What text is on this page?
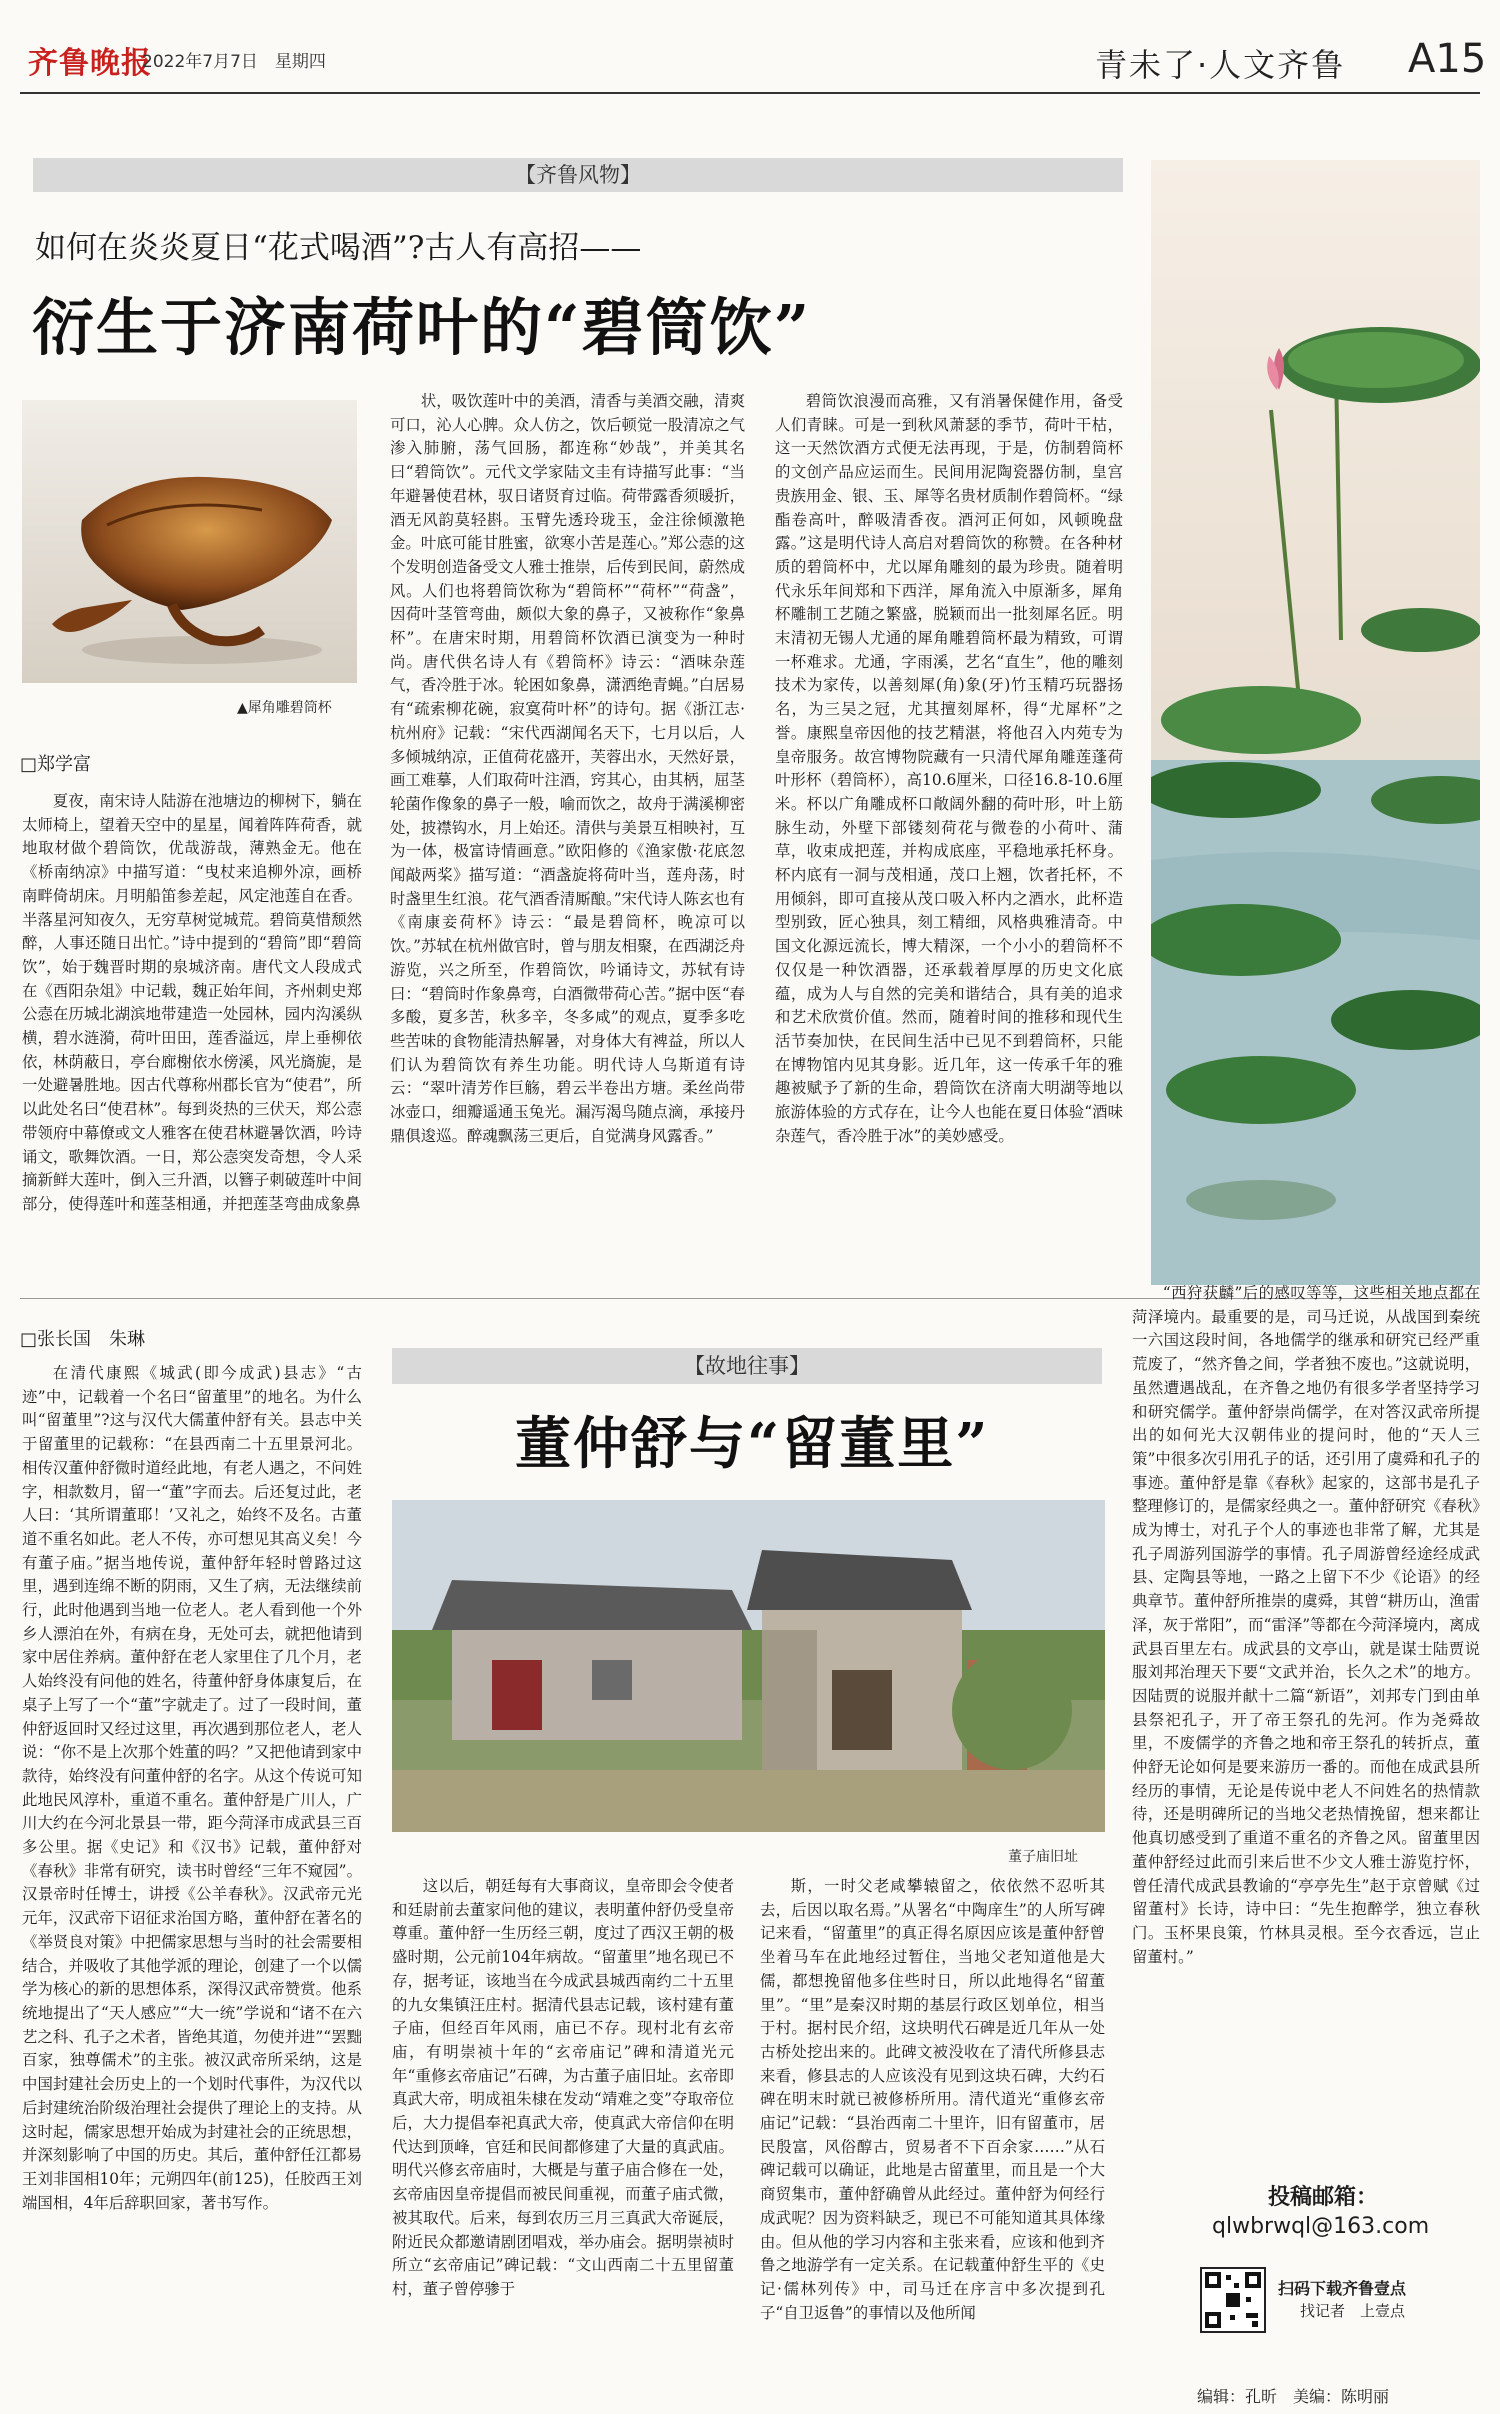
齐鲁晚报
2022年7月7日　星期四	青未了·人文齐鲁 A15
【齐鲁风物】
如何在炎炎夏日“花式喝酒”?古人有高招——
衍生于济南荷叶的“碧筒饮”
▲犀角雕碧筒杯
□郑学富

夏夜，南宋诗人陆游在池塘边的柳树下，躺在太师椅上，望着天空中的星星，闻着阵阵荷香，就地取材做个碧筒饮，优哉游哉，薄熟金无。他在《桥南纳凉》中描写道：“曳杖来追柳外凉，画桥南畔倚胡床。月明船笛参差起，风定池莲自在香。半落星河知夜久，无穷草树觉城荒。碧筒莫惜颓然醉，人事还随日出忙。”诗中提到的“碧筒”即“碧筒饮”，始于魏晋时期的泉城济南。唐代文人段成式在《酉阳杂俎》中记载，魏正始年间，齐州刺史郑公悫在历城北湖滨地带建造一处园林，园内沟溪纵横，碧水涟漪，荷叶田田，莲香溢远，岸上垂柳依依，林荫蔽日，亭台廊榭依水傍溪，风光旖旎，是一处避暑胜地。因古代尊称州郡长官为“使君”，所以此处名曰“使君林”。每到炎热的三伏天，郑公悫带领府中幕僚或文人雅客在使君林避暑饮酒，吟诗诵文，歌舞饮酒。一日，郑公悫突发奇想，令人采摘新鲜大莲叶，倒入三升酒，以簪子刺破莲叶中间部分，使得莲叶和莲茎相通，并把莲茎弯曲成象鼻

状，吸饮莲叶中的美酒，清香与美酒交融，清爽可口，沁人心脾。众人仿之，饮后顿觉一股清凉之气渗入肺腑，荡气回肠，都连称“妙哉”，并美其名曰“碧筒饮”。元代文学家陆文圭有诗描写此事：“当年避暑使君林，驭日诸贤育过临。荷带露香须暖折，酒无风韵莫轻斟。玉臂先透玲珑玉，金注徐倾激艳金。叶底可能甘胜蜜，欲寒小苦是莲心。”郑公悫的这个发明创造备受文人雅士推崇，后传到民间，蔚然成风。人们也将碧筒饮称为“碧筒杯”“荷杯”“荷盏”，因荷叶茎管弯曲，颇似大象的鼻子，又被称作“象鼻杯”。在唐宋时期，用碧筒杯饮酒已演变为一种时尚。唐代供名诗人有《碧筒杯》诗云：“酒味杂莲气，香冷胜于冰。轮困如象鼻，潇洒绝青蝇。”白居易有“疏索柳花碗，寂寞荷叶杯”的诗句。据《浙江志·杭州府》记载：“宋代西湖闻名天下，七月以后，人多倾城纳凉，正值荷花盛开，芙蓉出水，天然好景，画工难摹，人们取荷叶注酒，窍其心，由其柄，屈茎轮菌作像象的鼻子一般，喻而饮之，故舟于满溪柳密处，披襟钩水，月上始还。清供与美景互相映衬，互为一体，极富诗情画意。”欧阳修的《渔家傲·花底忽闻敲两桨》描写道：“酒盏旋将荷叶当，莲舟荡，时时盏里生红浪。花气酒香清厮酿。”宋代诗人陈玄也有《南康妾荷杯》诗云：“最是碧筒杯，晚凉可以饮。”苏轼在杭州做官时，曾与朋友相聚，在西湖泛舟游览，兴之所至，作碧筒饮，吟诵诗文，苏轼有诗曰：“碧筒时作象鼻弯，白酒微带荷心苦。”据中医“春多酸，夏多苦，秋多辛，冬多咸”的观点，夏季多吃些苦味的食物能清热解暑，对身体大有裨益，所以人们认为碧筒饮有养生功能。明代诗人乌斯道有诗云：“翠叶清芳作巨觞，碧云半卷出方塘。柔丝尚带冰壶口，细瓣遥通玉兔光。漏泻渴鸟随点滴，承接丹鼎俱逡巡。醉魂飘荡三更后，自觉满身风露香。”

碧筒饮浪漫而高雅，又有消暑保健作用，备受人们青睐。可是一到秋风萧瑟的季节，荷叶干枯，这一天然饮酒方式便无法再现，于是，仿制碧筒杯的文创产品应运而生。民间用泥陶瓷器仿制，皇宫贵族用金、银、玉、犀等名贵材质制作碧筒杯。“绿酯卷高叶，醉吸清香夜。酒河正何如，风顿晚盘露。”这是明代诗人高启对碧筒饮的称赞。在各种材质的碧筒杯中，尤以犀角雕刻的最为珍贵。随着明代永乐年间郑和下西洋，犀角流入中原渐多，犀角杯雕制工艺随之繁盛，脱颖而出一批刻犀名匠。明末清初无锡人尤通的犀角雕碧筒杯最为精致，可谓一杯难求。尤通，字雨溪，艺名“直生”，他的雕刻技术为家传，以善刻犀(角)象(牙)竹玉精巧玩器扬名，为三吴之冠，尤其擅刻犀杯，得“尤犀杯”之誉。康熙皇帝因他的技艺精湛，将他召入内苑专为皇帝服务。故宫博物院藏有一只清代犀角雕莲蓬荷叶形杯（碧筒杯），高10.6厘米，口径16.8-10.6厘米。杯以广角雕成杯口敞阔外翻的荷叶形，叶上筋脉生动，外壁下部镂刻荷花与微卷的小荷叶、蒲草，收束成把莲，并构成底座，平稳地承托杯身。杯内底有一洞与茂相通，茂口上翘，饮者托杯，不用倾斜，即可直接从茂口吸入杯内之酒水，此杯造型别致，匠心独具，刻工精细，风格典雅清奇。中国文化源远流长，博大精深，一个小小的碧筒杯不仅仅是一种饮酒器，还承载着厚厚的历史文化底蕴，成为人与自然的完美和谐结合，具有美的追求和艺术欣赏价值。然而，随着时间的推移和现代生活节奏加快，在民间生活中已见不到碧筒杯，只能在博物馆内见其身影。近几年，这一传承千年的雅趣被赋予了新的生命，碧筒饮在济南大明湖等地以旅游体验的方式存在，让今人也能在夏日体验“酒味杂莲气，香冷胜于冰”的美妙感受。

□张长国　朱琳
【故地往事】
董仲舒与“留董里”
董子庙旧址

在清代康熙《城武(即今成武)县志》“古迹”中，记载着一个名曰“留董里”的地名。为什么叫“留董里”?这与汉代大儒董仲舒有关。县志中关于留董里的记载称：“在县西南二十五里景河北。相传汉董仲舒微时道经此地，有老人遇之，不问姓字，相款数月，留一“董”字而去。后还复过此，老人曰：‘其所谓董耶！’又礼之，始终不及名。古董道不重名如此。老人不传，亦可想见其高义矣！今有董子庙。”据当地传说，董仲舒年轻时曾路过这里，遇到连绵不断的阴雨，又生了病，无法继续前行，此时他遇到当地一位老人。老人看到他一个外乡人漂泊在外，有病在身，无处可去，就把他请到家中居住养病。董仲舒在老人家里住了几个月，老人始终没有问他的姓名，待董仲舒身体康复后，在桌子上写了一个“董”字就走了。过了一段时间，董仲舒返回时又经过这里，再次遇到那位老人，老人说：“你不是上次那个姓董的吗？”又把他请到家中款待，始终没有问董仲舒的名字。从这个传说可知此地民风淳朴，重道不重名。董仲舒是广川人，广川大约在今河北景县一带，距今菏泽市成武县三百多公里。据《史记》和《汉书》记载，董仲舒对《春秋》非常有研究，读书时曾经“三年不窥园”。汉景帝时任博士，讲授《公羊春秋》。汉武帝元光元年，汉武帝下诏征求治国方略，董仲舒在著名的《举贤良对策》中把儒家思想与当时的社会需要相结合，并吸收了其他学派的理论，创建了一个以儒学为核心的新的思想体系，深得汉武帝赞赏。他系统地提出了“天人感应”“大一统”学说和“诸不在六艺之科、孔子之术者，皆绝其道，勿使并进”“罢黜百家，独尊儒术”的主张。被汉武帝所采纳，这是中国封建社会历史上的一个划时代事件，为汉代以后封建统治阶级治理社会提供了理论上的支持。从这时起，儒家思想开始成为封建社会的正统思想，并深刻影响了中国的历史。其后，董仲舒任江都易王刘非国相10年；元朔四年(前125)，任胶西王刘端国相，4年后辞职回家，著书写作。

这以后，朝廷每有大事商议，皇帝即会令使者和廷尉前去董家问他的建议，表明董仲舒仍受皇帝尊重。董仲舒一生历经三朝，度过了西汉王朝的极盛时期，公元前104年病故。“留董里”地名现已不存，据考证，该地当在今成武县城西南约二十五里的九女集镇汪庄村。据清代县志记载，该村建有董子庙，但经百年风雨，庙已不存。现村北有玄帝庙，有明崇祯十年的“玄帝庙记”碑和清道光元年“重修玄帝庙记”石碑，为古董子庙旧址。玄帝即真武大帝，明成祖朱棣在发动“靖难之变”夺取帝位后，大力提倡奉祀真武大帝，使真武大帝信仰在明代达到顶峰，官廷和民间都修建了大量的真武庙。明代兴修玄帝庙时，大概是与董子庙合修在一处，玄帝庙因皇帝提倡而被民间重视，而董子庙式微，被其取代。后来，每到农历三月三真武大帝诞辰，附近民众都邀请剧团唱戏，举办庙会。据明崇祯时所立“玄帝庙记”碑记载：“文山西南二十五里留董村，董子曾停骖于

斯，一时父老咸攀辕留之，依依然不忍听其去，后因以取名焉。”从署名“中陶庠生”的人所写碑记来看，“留董里”的真正得名原因应该是董仲舒曾坐着马车在此地经过暂住，当地父老知道他是大儒，都想挽留他多住些时日，所以此地得名“留董里”。“里”是秦汉时期的基层行政区划单位，相当于村。据村民介绍，这块明代石碑是近几年从一处古桥处挖出来的。此碑文被没收在了清代所修县志来看，修县志的人应该没有见到这块石碑，大约石碑在明末时就已被修桥所用。清代道光“重修玄帝庙记”记载：“县治西南二十里许，旧有留董市，居民殷富，风俗醇古，贸易者不下百余家……”从石碑记载可以确证，此地是古留董里，而且是一个大商贸集市，董仲舒确曾从此经过。董仲舒为何经行成武呢？因为资料缺乏，现已不可能知道其具体缘由。但从他的学习内容和主张来看，应该和他到齐鲁之地游学有一定关系。在记载董仲舒生平的《史记·儒林列传》中，司马迁在序言中多次提到孔子“自卫返鲁”的事情以及他所闻

“西狩获麟”后的感叹等等，这些相关地点都在菏泽境内。最重要的是，司马迁说，从战国到秦统一六国这段时间，各地儒学的继承和研究已经严重荒废了，“然齐鲁之间，学者独不废也。”这就说明，虽然遭遇战乱，在齐鲁之地仍有很多学者坚持学习和研究儒学。董仲舒崇尚儒学，在对答汉武帝所提出的如何光大汉朝伟业的提问时，他的“天人三策”中很多次引用孔子的话，还引用了虞舜和孔子的事迹。董仲舒是靠《春秋》起家的，这部书是孔子整理修订的，是儒家经典之一。董仲舒研究《春秋》成为博士，对孔子个人的事迹也非常了解，尤其是孔子周游列国游学的事情。孔子周游曾经途经成武县、定陶县等地，一路之上留下不少《论语》的经典章节。董仲舒所推崇的虞舜，其曾“耕历山，渔雷泽，灰于常阳”，而“雷泽”等都在今菏泽境内，离成武县百里左右。成武县的文亭山，就是谋士陆贾说服刘邦治理天下要“文武并治，长久之术”的地方。因陆贾的说服并献十二篇“新语”，刘邦专门到由单县祭祀孔子，开了帝王祭孔的先河。作为尧舜故里，不废儒学的齐鲁之地和帝王祭孔的转折点，董仲舒无论如何是要来游历一番的。而他在成武县所经历的事情，无论是传说中老人不问姓名的热情款待，还是明碑所记的当地父老热情挽留，想来都让他真切感受到了重道不重名的齐鲁之风。留董里因董仲舒经过此而引来后世不少文人雅士游览拧怀，曾任清代成武县教谕的“亭亭先生”赵于京曾赋《过留董村》长诗，诗中曰：“先生抱醉学，独立春秋门。玉杯果良策，竹林具灵根。至今衣香远，岂止留董村。”

投稿邮箱：
qlwbrwql@163.com
扫码下载齐鲁壹点
找记者　上壹点
编辑：孔昕　美编：陈明丽
